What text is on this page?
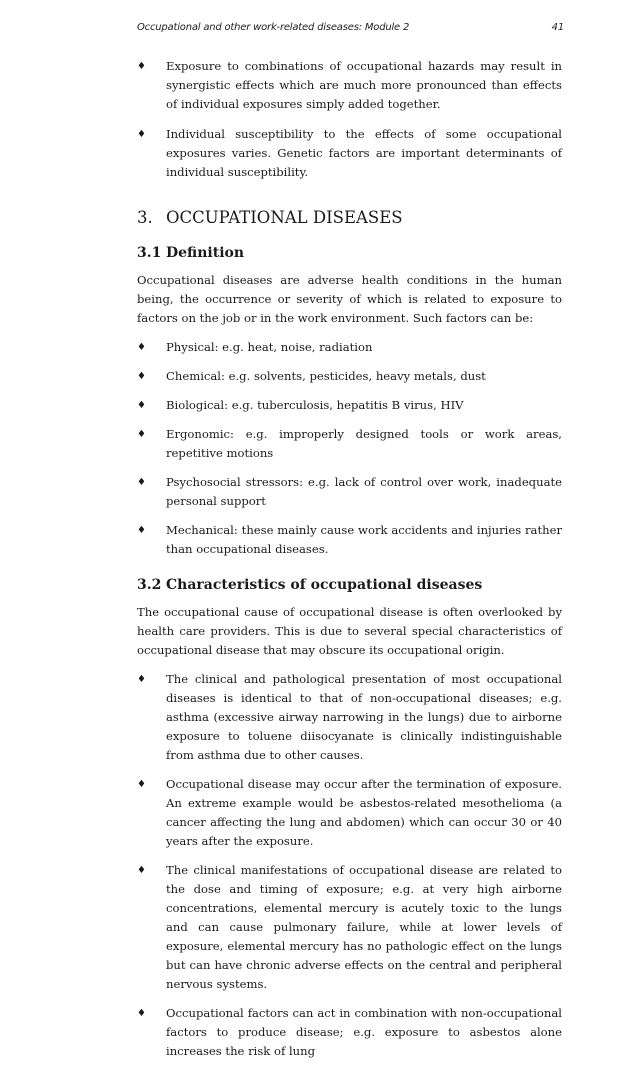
Occupational and other work-related diseases: Module 2	41
♦ Exposure to combinations of occupational hazards may result in synergistic effects which are much more pronounced than effects of individual exposures simply added together.
♦ Individual susceptibility to the effects of some occupational exposures varies. Genetic factors are important determinants of individual susceptibility.
3. OCCUPATIONAL DISEASES
3.1 Definition

Occupational diseases are adverse health conditions in the human being, the occurrence or severity of which is related to exposure to factors on the job or in the work environment. Such factors can be:

♦ Physical: e.g. heat, noise, radiation
♦ Chemical: e.g. solvents, pesticides, heavy metals, dust
♦ Biological: e.g. tuberculosis, hepatitis B virus, HIV
♦ Ergonomic: e.g. improperly designed tools or work areas, repetitive motions
♦ Psychosocial stressors: e.g. lack of control over work, inadequate personal support
♦ Mechanical: these mainly cause work accidents and injuries rather than occupational diseases.
3.2 Characteristics of occupational diseases

The occupational cause of occupational disease is often overlooked by health care providers. This is due to several special characteristics of occupational disease that may obscure its occupational origin.

♦ The clinical and pathological presentation of most occupational diseases is identical to that of non-occupational diseases; e.g. asthma (excessive airway narrowing in the lungs) due to airborne exposure to toluene diisocyanate is clinically indistinguishable from asthma due to other causes.
♦ Occupational disease may occur after the termination of exposure. An extreme example would be asbestos-related mesothelioma (a cancer affecting the lung and abdomen) which can occur 30 or 40 years after the exposure.
♦ The clinical manifestations of occupational disease are related to the dose and timing of exposure; e.g. at very high airborne concentrations, elemental mercury is acutely toxic to the lungs and can cause pulmonary failure, while at lower levels of exposure, elemental mercury has no pathologic effect on the lungs but can have chronic adverse effects on the central and peripheral nervous systems.
♦ Occupational factors can act in combination with non-occupational factors to produce disease; e.g. exposure to asbestos alone increases the risk of lung
